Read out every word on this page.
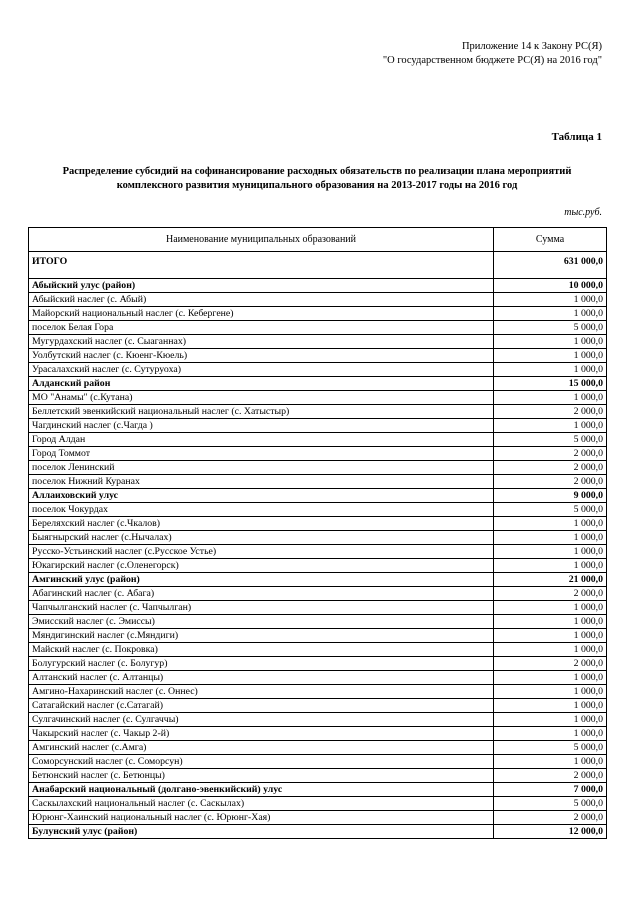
Приложение 14 к Закону РС(Я)
"О государственном бюджете РС(Я) на 2016 год"
Таблица 1
Распределение субсидий на софинансирование расходных обязательств по реализации плана мероприятий
комплексного развития муниципального образования на 2013-2017 годы на 2016 год
тыс.руб.
Наименование муниципальных образований	Сумма
ИТОГО	631 000,0
Абыйский улус (район)	10 000,0
Абыйский наслег (с. Абый)	1 000,0
Майорский национальный наслег (с. Кебергене)	1 000,0
поселок Белая Гора	5 000,0
Мугурдахский наслег (с. Сыаганнах)	1 000,0
Уолбутский наслег (с. Кюенг-Кюель)	1 000,0
Урасалахский наслег (с. Сутуруоха)	1 000,0
Алданский район	15 000,0
МО "Анамы" (с.Кутана)	1 000,0
Беллетский эвенкийский национальный наслег (с. Хатыстыр)	2 000,0
Чагдинский наслег (с.Чагда )	1 000,0
Город Алдан	5 000,0
Город Томмот	2 000,0
поселок Ленинский	2 000,0
поселок Нижний Куранах	2 000,0
Аллаиховский улус	9 000,0
поселок Чокурдах	5 000,0
Береляхский наслег (с.Чкалов)	1 000,0
Быягнырский наслег (с.Нычалах)	1 000,0
Русско-Устьинский наслег (с.Русское Устье)	1 000,0
Юкагирский наслег (с.Оленегорск)	1 000,0
Амгинский улус (район)	21 000,0
Абагинский наслег (с. Абага)	2 000,0
Чапчылганский наслег (с. Чапчылган)	1 000,0
Эмисский наслег (с. Эмиссы)	1 000,0
Мяндигинский наслег (с.Мяндиги)	1 000,0
Майский наслег (с. Покровка)	1 000,0
Болугурский наслег (с. Болугур)	2 000,0
Алтанский наслег (с. Алтанцы)	1 000,0
Амгино-Нахаринский наслег (с. Оннес)	1 000,0
Сатагайский наслег (с.Сатагай)	1 000,0
Сулгачинский наслег (с. Сулгаччы)	1 000,0
Чакырский наслег (с. Чакыр 2-й)	1 000,0
Амгинский наслег (с.Амга)	5 000,0
Соморсунский наслег (с. Соморсун)	1 000,0
Бетюнский наслег (с. Бетюнцы)	2 000,0
Анабарский национальный (долгано-эвенкийский) улус	7 000,0
Саскылахский национальный наслег (с. Саскылах)	5 000,0
Юрюнг-Хаинский национальный наслег (с. Юрюнг-Хая)	2 000,0
Булунский улус (район)	12 000,0
